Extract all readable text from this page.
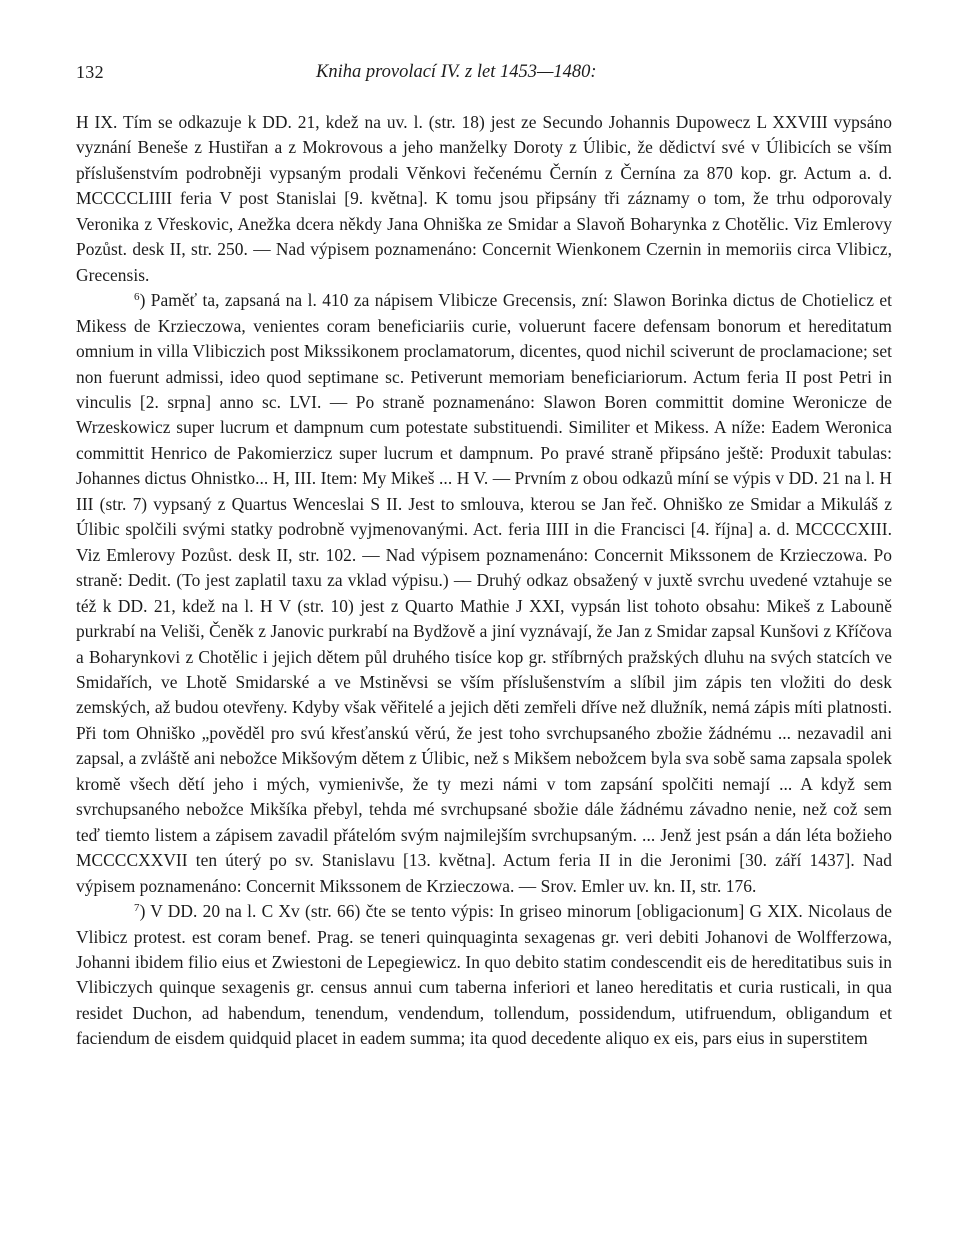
132	Kniha provolací IV. z let 1453—1480:

H IX. Tím se odkazuje k DD. 21, kdež na uv. l. (str. 18) jest ze Secundo Johannis Dupowecz L XXVIII vypsáno vyznání Beneše z Hustiřan a z Mokrovous a jeho manželky Doroty z Úlibic, že dědictví své v Úlibicích se vším příslušenstvím podrobněji vypsaným prodali Věnkovi řečenému Černín z Černína za 870 kop. gr. Actum a. d. MCCCCLIIII feria V post Stanislai [9. května]. K tomu jsou připsány tři záznamy o tom, že trhu odporovaly Veronika z Vřeskovic, Anežka dcera někdy Jana Ohniška ze Smidar a Slavoň Boharynka z Chotělic. Viz Emlerovy Pozůst. desk II, str. 250. — Nad výpisem poznamenáno: Concernit Wienkonem Czernin in memoriis circa Vlibicz, Grecensis.

$^6$) Paměť ta, zapsaná na l. 410 za nápisem Vlibicze Grecensis, zní: Slawon Borinka dictus de Chotielicz et Mikess de Krzieczowa, venientes coram beneficiariis curie, voluerunt facere defensam bonorum et hereditatum omnium in villa Vlibiczich post Mikssikonem proclamatorum, dicentes, quod nichil sciverunt de proclamacione; set non fuerunt admissi, ideo quod septimane sc. Petiverunt memoriam beneficiariorum. Actum feria II post Petri in vinculis [2. srpna] anno sc. LVI. — Po straně poznamenáno: Slawon Boren committit domine Weronicze de Wrzeskowicz super lucrum et dampnum cum potestate substituendi. Similiter et Mikess. A níže: Eadem Weronica committit Henrico de Pakomierzicz super lucrum et dampnum. Po pravé straně připsáno ještě: Produxit tabulas: Johannes dictus Ohnistko... H, III. Item: My Mikeš ... H V. — Prvním z obou odkazů míní se výpis v DD. 21 na l. H III (str. 7) vypsaný z Quartus Wenceslai S II. Jest to smlouva, kterou se Jan řeč. Ohniško ze Smidar a Mikuláš z Úlibic spolčili svými statky podrobně vyjmenovanými. Act. feria IIII in die Francisci [4. října] a. d. MCCCCXIII. Viz Emlerovy Pozůst. desk II, str. 102. — Nad výpisem poznamenáno: Concernit Mikssonem de Krzieczowa. Po straně: Dedit. (To jest zaplatil taxu za vklad výpisu.) — Druhý odkaz obsažený v juxtě svrchu uvedené vztahuje se též k DD. 21, kdež na l. H V (str. 10) jest z Quarto Mathie J XXI, vypsán list tohoto obsahu: Mikeš z Labouně purkrabí na Veliši, Čeněk z Janovic purkrabí na Bydžově a jiní vyznávají, že Jan z Smidar zapsal Kunšovi z Kříčova a Boharynkovi z Chotělic i jejich dětem půl druhého tisíce kop gr. stříbrných pražských dluhu na svých statcích ve Smidařích, ve Lhotě Smidarské a ve Mstiněvsi se vším příslušenstvím a slíbil jim zápis ten vložiti do desk zemských, až budou otevřeny. Kdyby však věřitelé a jejich děti zemřeli dříve než dlužník, nemá zápis míti platnosti. Při tom Ohniško „pověděl pro svú křesťanskú věrú, že jest toho svrchupsaného zbožie žádnému ... nezavadil ani zapsal, a zvláště ani nebožce Mikšovým dětem z Úlibic, než s Mikšem nebožcem byla sva sobě sama zapsala spolek kromě všech dětí jeho i mých, vymienivše, že ty mezi námi v tom zapsání spolčiti nemají ... A když sem svrchupsaného nebožce Mikšíka přebyl, tehda mé svrchupsané sbožie dále žádnému závadno nenie, než což sem teď tiemto listem a zápisem zavadil přátelóm svým najmilejším svrchupsaným. ... Jenž jest psán a dán léta božieho MCCCCXXVII ten úterý po sv. Stanislavu [13. května]. Actum feria II in die Jeronimi [30. září 1437]. Nad výpisem poznamenáno: Concernit Mikssonem de Krzieczowa. — Srov. Emler uv. kn. II, str. 176.

$^7$) V DD. 20 na l. C Xv (str. 66) čte se tento výpis: In griseo minorum [obligacionum] G XIX. Nicolaus de Vlibicz protest. est coram benef. Prag. se teneri quinquaginta sexagenas gr. veri debiti Johanovi de Wolfferzowa, Johanni ibidem filio eius et Zwiestoni de Lepegiewicz. In quo debito statim condescendit eis de hereditatibus suis in Vlibiczych quinque sexagenis gr. census annui cum taberna inferiori et laneo hereditatis et curia rusticali, in qua residet Duchon, ad habendum, tenendum, vendendum, tollendum, possidendum, utifruendum, obligandum et faciendum de eisdem quidquid placet in eadem summa; ita quod decedente aliquo ex eis, pars eius in superstitem
